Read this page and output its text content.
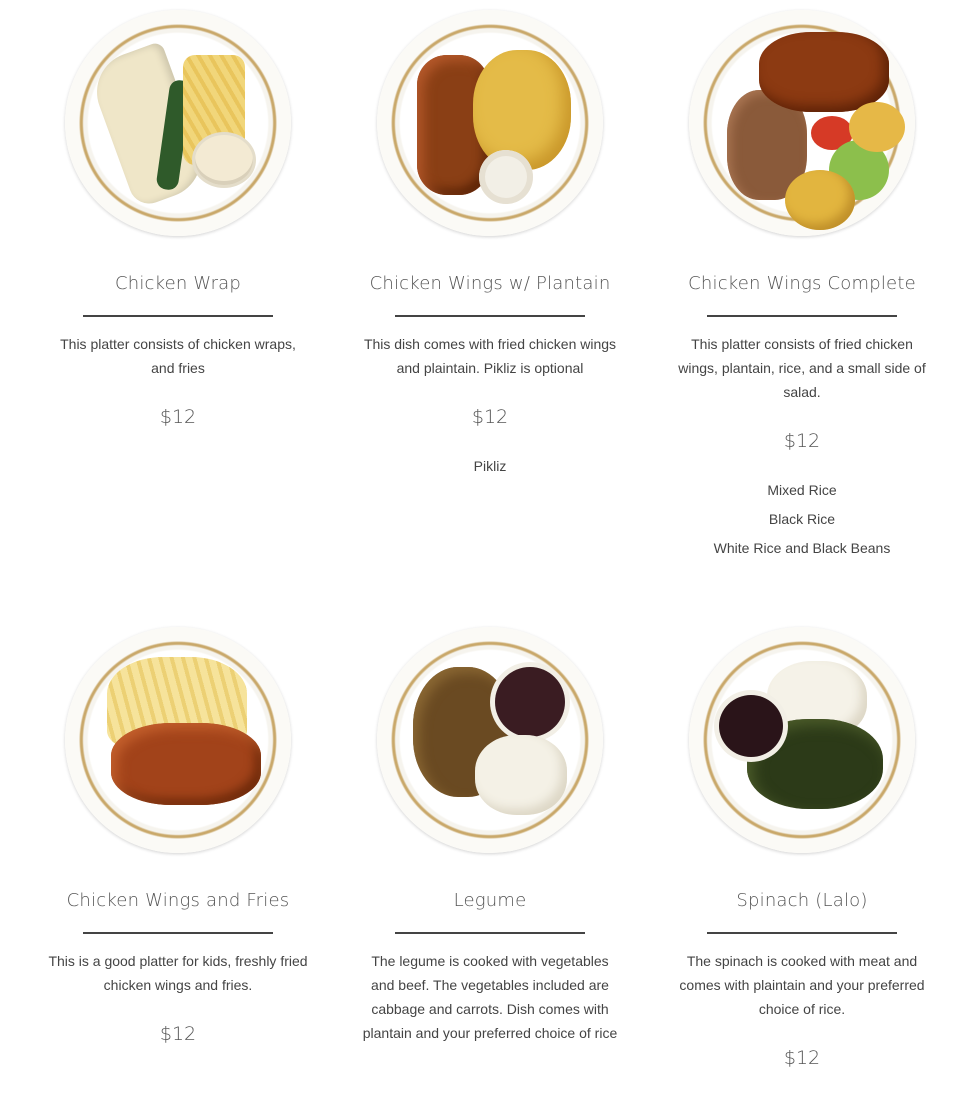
Chicken Wrap
This platter consists of chicken wraps, and fries
$12
Chicken Wings w/ Plantain
This dish comes with fried chicken wings and plaintain. Pikliz is optional
$12
Pikliz
Chicken Wings Complete
This platter consists of fried chicken wings, plantain, rice, and a small side of salad.
$12
Mixed Rice
Black Rice
White Rice and Black Beans
Chicken Wings and Fries
This is a good platter for kids, freshly fried chicken wings and fries.
$12
Legume
The legume is cooked with vegetables and beef. The vegetables included are cabbage and carrots. Dish comes with plantain and your preferred choice of rice
Spinach (Lalo)
The spinach is cooked with meat and comes with plaintain and your preferred choice of rice.
$12
